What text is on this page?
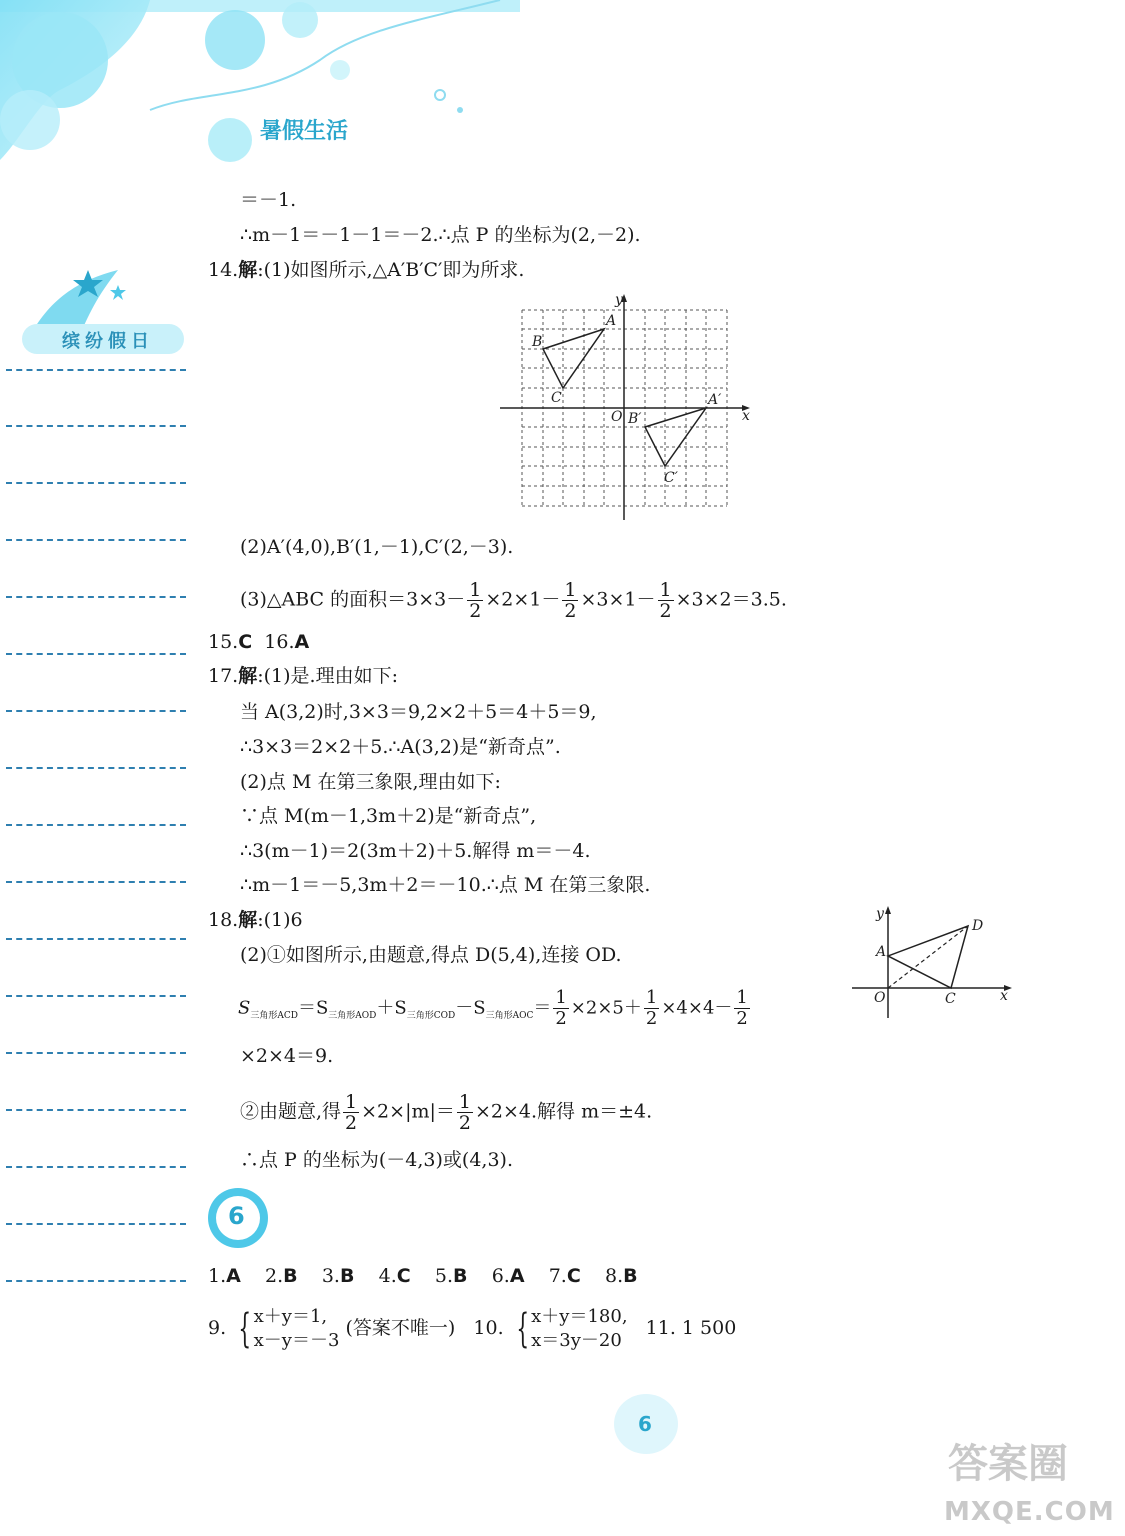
暑假生活
缤纷假日
＝－1.
∴m－1＝－1－1＝－2.∴点 P 的坐标为(2,－2).
14.解:(1)如图所示,△A′B′C′即为所求.
y
x
O
A
B
C	A′
B′
C′
(2)A′(4,0),B′(1,－1),C′(2,－3).
(3)△ABC 的面积$=3\times 3- \frac{1}{2} \times 2\times 1- \frac{1}{2} \times 3\times 1- \frac{1}{2} \times 3\times 2=3.5$.
15.C 16.A
17.解:(1)是.理由如下:
当 A(3,2)时,3×3＝9,2×2＋5＝4＋5＝9,
∴3×3＝2×2＋5.∴A(3,2)是“新奇点”.
(2)点 M 在第三象限,理由如下:
∵点 M(m－1,3m＋2)是“新奇点”,
∴3(m－1)＝2(3m＋2)＋5.解得 m＝－4.
∴m－1＝－5,3m＋2＝－10.∴点 M 在第三象限.
18.解:(1)6
(2)①如图所示,由题意,得点 D(5,4),连接 OD.
$S_{三角形ACD}=S_{三角形AOD}+S_{三角形COD}-S_{三角形AOC}= \frac{1}{2} \times 2\times 5+ \frac{1}{2} \times 4\times 4- \frac{1}{2}$
y
x
O
A
C
D
×2×4＝9.
②由题意,得 $\frac{1}{2} \times 2\times|m|= \frac{1}{2} \times 2\times 4$.解得 m＝±4.
∴点 P 的坐标为(－4,3)或(4,3).
6
1.A 2.B 3.B 4.C 5.B 6.A 7.C 8.B
9. { x＋y＝1,
x－y＝－3
(答案不唯一) 10. { x＋y＝180,
x＝3y－20
11. 1 500
6
答案圈
MXQE.COM
